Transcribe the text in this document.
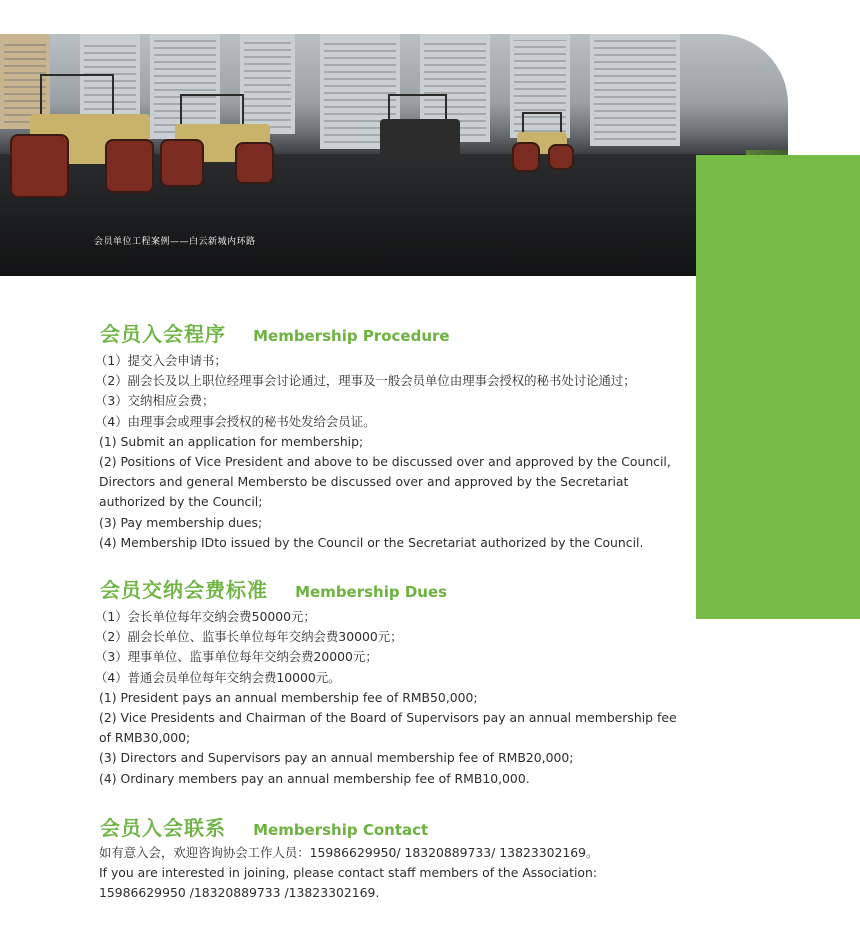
会员单位工程案例——白云新城内环路
会员入会程序 Membership Procedure
（1）提交入会申请书；
（2）副会长及以上职位经理事会讨论通过，理事及一般会员单位由理事会授权的秘书处讨论通过；
（3）交纳相应会费；
（4）由理事会或理事会授权的秘书处发给会员证。
(1) Submit an application for membership;
(2) Positions of Vice President and above to be discussed over and approved by the Council,
Directors and general Membersto be discussed over and approved by the Secretariat
authorized by the Council;
(3) Pay membership dues;
(4) Membership IDto issued by the Council or the Secretariat authorized by the Council.
会员交纳会费标准 Membership Dues
（1）会长单位每年交纳会费50000元；
（2）副会长单位、监事长单位每年交纳会费30000元；
（3）理事单位、监事单位每年交纳会费20000元；
（4）普通会员单位每年交纳会费10000元。
(1) President pays an annual membership fee of RMB50,000;
(2) Vice Presidents and Chairman of the Board of Supervisors pay an annual membership fee
of RMB30,000;
(3) Directors and Supervisors pay an annual membership fee of RMB20,000;
(4) Ordinary members pay an annual membership fee of RMB10,000.
会员入会联系 Membership Contact
如有意入会，欢迎咨询协会工作人员：15986629950/ 18320889733/ 13823302169。
If you are interested in joining, please contact staff members of the Association:
15986629950 /18320889733 /13823302169.
